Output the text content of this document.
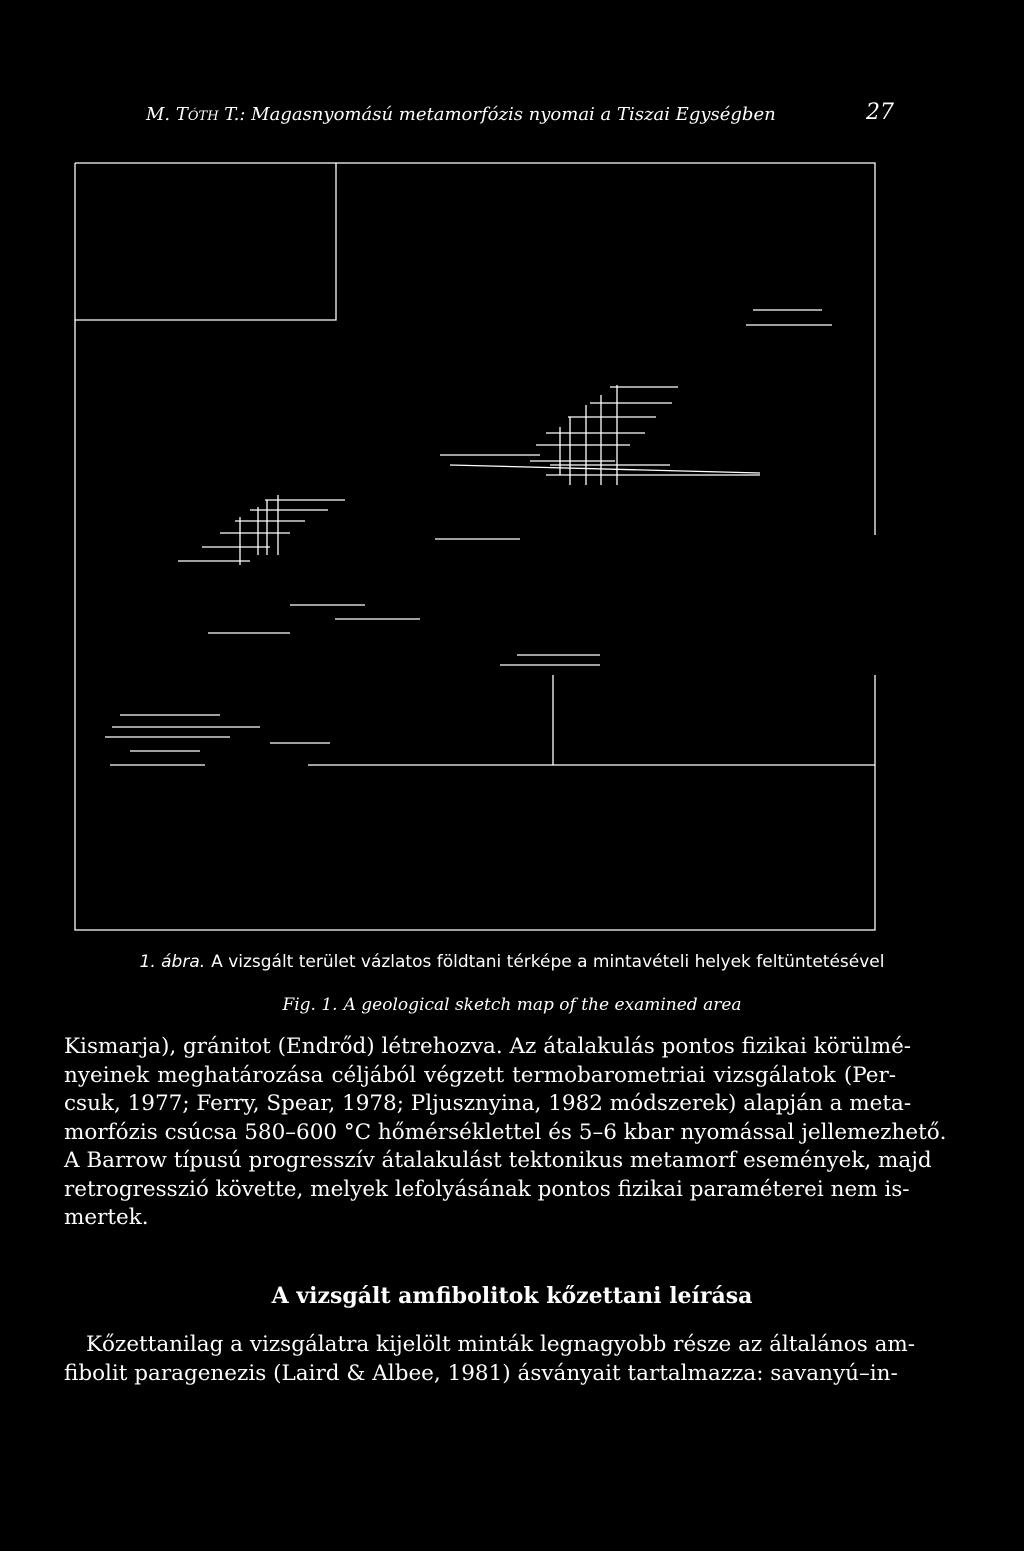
M. Tóth T.: Magasnyomású metamorfózis nyomai a Tiszai Egységben	27
1. ábra. A vizsgált terület vázlatos földtani térképe a mintavételi helyek feltüntetésével
Fig. 1. A geological sketch map of the examined area
Kismarja), gránitot (Endrőd) létrehozva. Az átalakulás pontos fizikai körülmé-
nyeinek meghatározása céljából végzett termobarometriai vizsgálatok (Per-
csuk, 1977; Ferry, Spear, 1978; Pljusznyina, 1982 módszerek) alapján a meta-
morfózis csúcsa 580–600 °C hőmérséklettel és 5–6 kbar nyomással jellemezhető.
A Barrow típusú progresszív átalakulást tektonikus metamorf események, majd
retrogresszió követte, melyek lefolyásának pontos fizikai paraméterei nem is-
mertek.
A vizsgált amfibolitok kőzettani leírása
Kőzettanilag a vizsgálatra kijelölt minták legnagyobb része az általános am-
fibolit paragenezis (Laird & Albee, 1981) ásványait tartalmazza: savanyú–in-
